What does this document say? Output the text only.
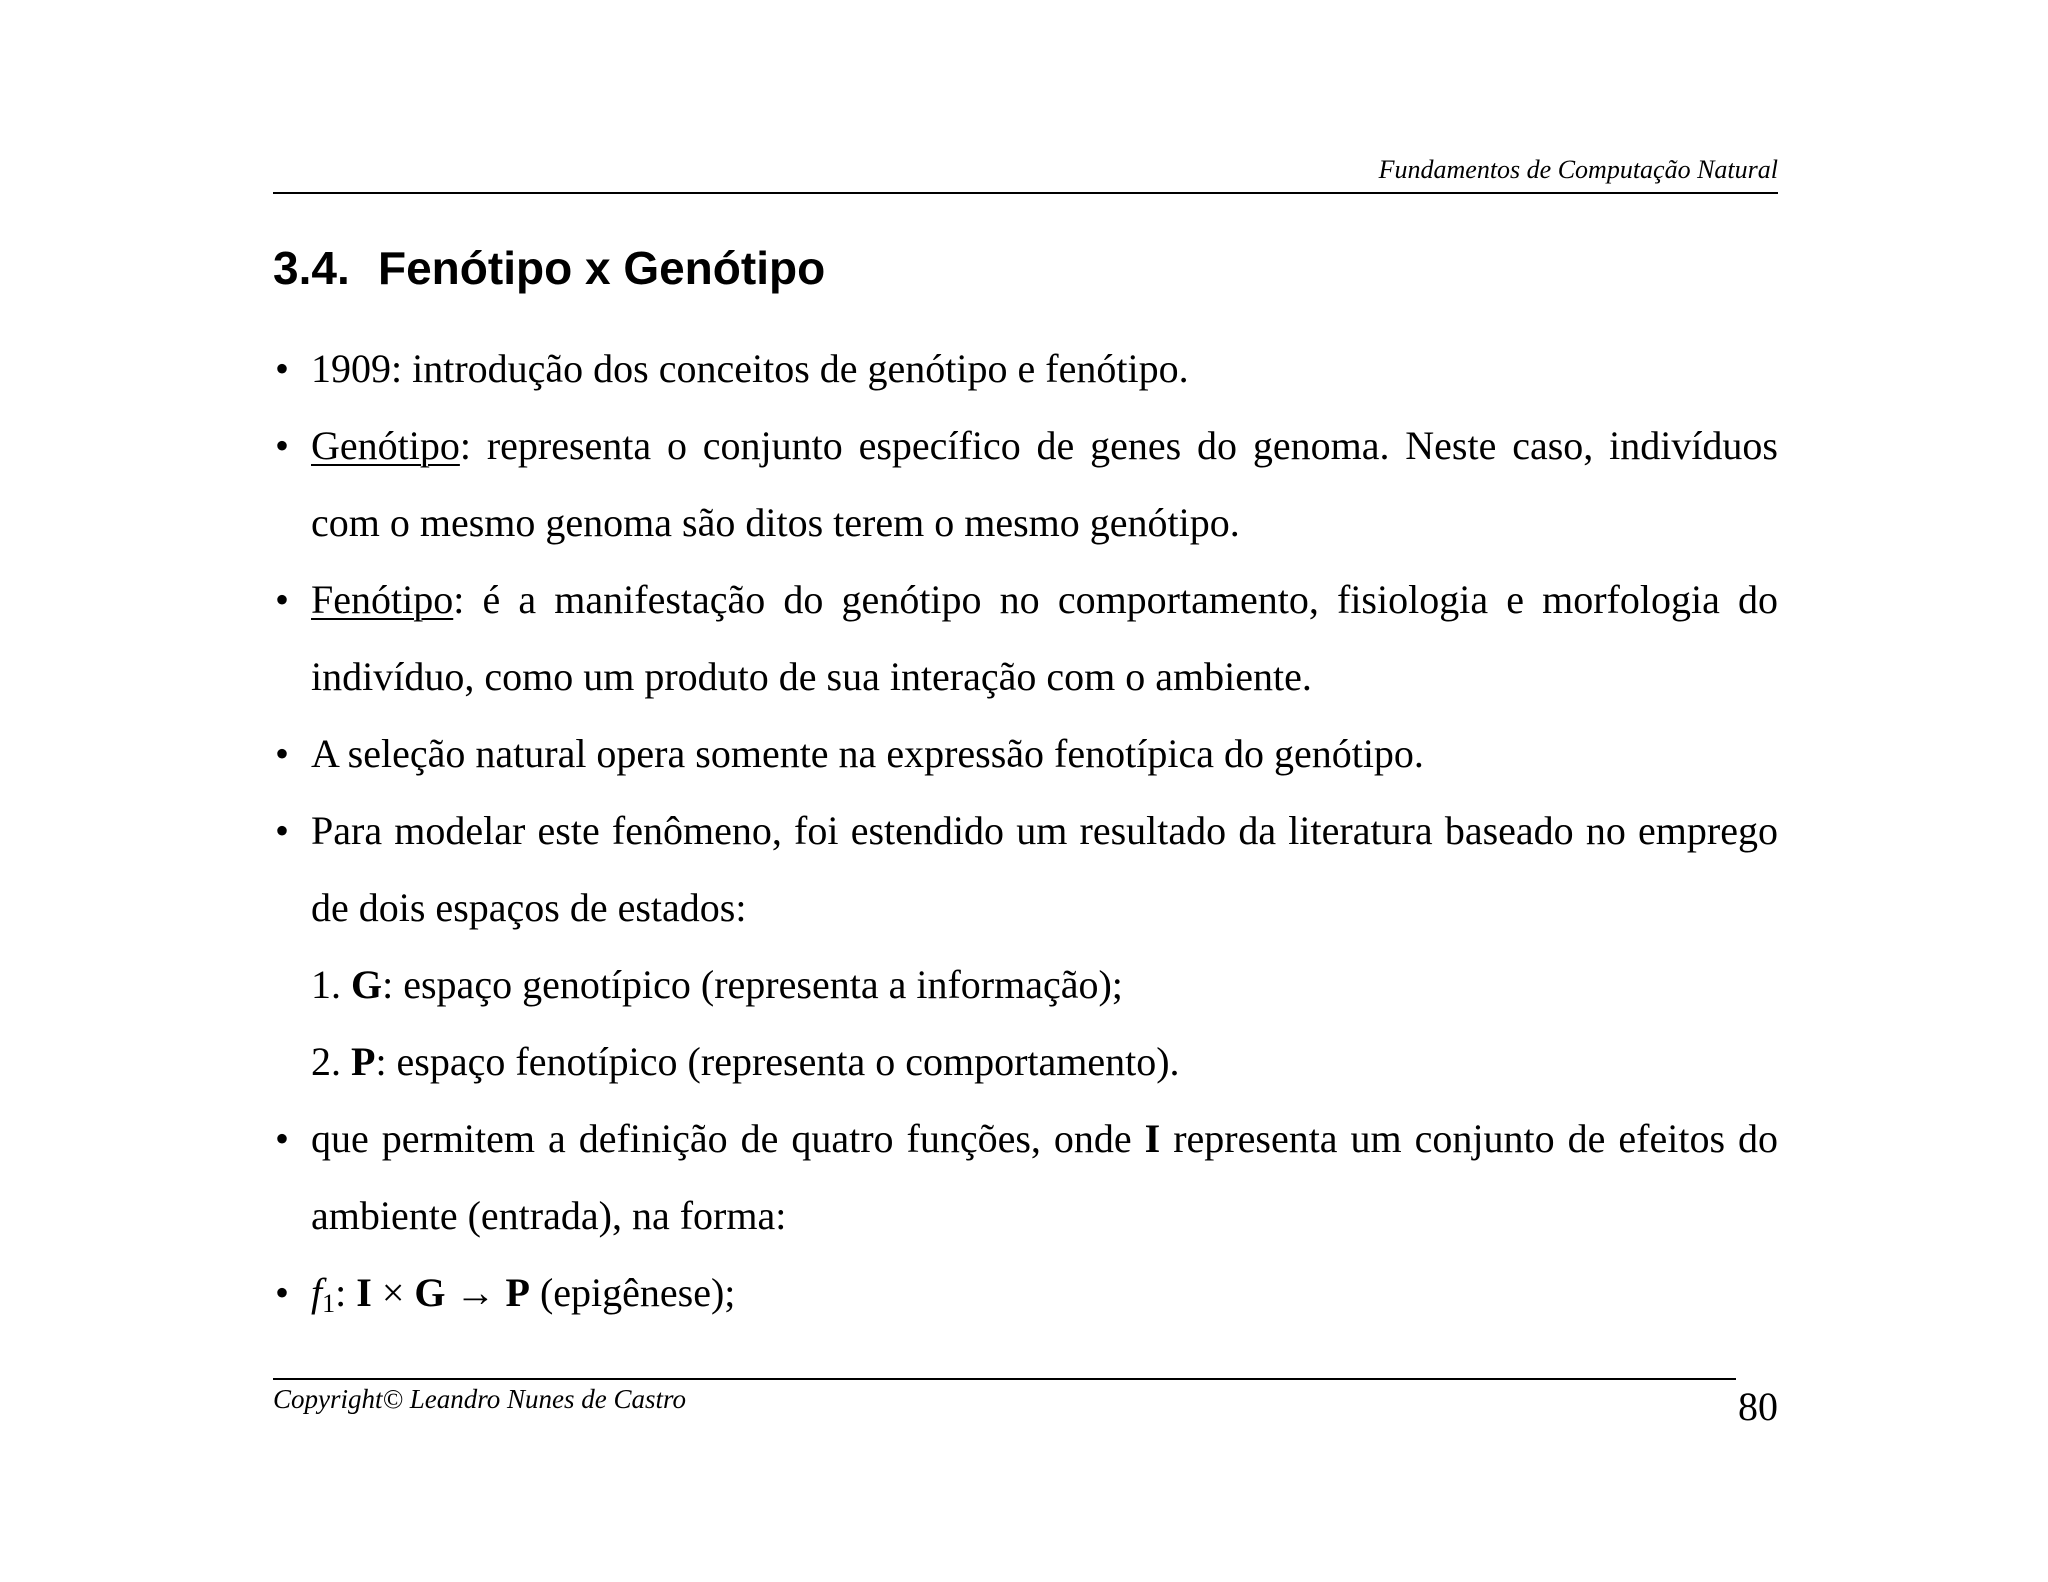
Fundamentos de Computação Natural
3.4. Fenótipo x Genótipo
• 1909: introdução dos conceitos de genótipo e fenótipo.
• Genótipo: representa o conjunto específico de genes do genoma. Neste caso, indivíduos com o mesmo genoma são ditos terem o mesmo genótipo.
• Fenótipo: é a manifestação do genótipo no comportamento, fisiologia e morfologia do indivíduo, como um produto de sua interação com o ambiente.
• A seleção natural opera somente na expressão fenotípica do genótipo.
• Para modelar este fenômeno, foi estendido um resultado da literatura baseado no emprego de dois espaços de estados:
1. G: espaço genotípico (representa a informação);
2. P: espaço fenotípico (representa o comportamento).
• que permitem a definição de quatro funções, onde I representa um conjunto de efeitos do ambiente (entrada), na forma:
• $f_1$: I × G → P (epigênese);
Copyright© Leandro Nunes de Castro	80
